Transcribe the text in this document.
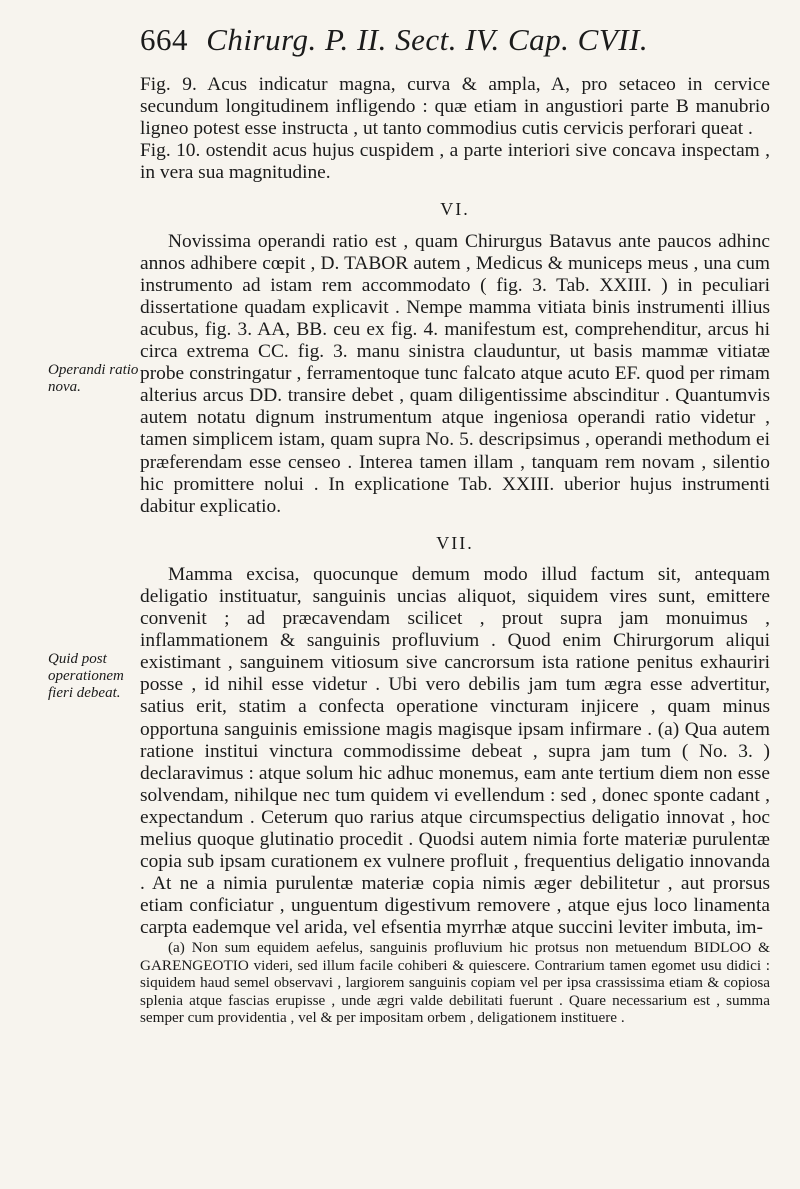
664 Chirurg. P. II. Sect. IV. Cap. CVII.
Operandi ratio nova.
Quid post operationem fieri debeat.

Fig. 9. Acus indicatur magna, curva & ampla, A, pro setaceo in cervice secundum longitudinem infligendo : quæ etiam in angustiori parte B manubrio ligneo potest esse instructa , ut tanto commodius cutis cervicis perforari queat .

Fig. 10. ostendit acus hujus cuspidem , a parte interiori sive concava inspectam , in vera sua magnitudine.

VI.

Novissima operandi ratio est , quam Chirurgus Batavus ante paucos adhinc annos adhibere cœpit , D. TABOR autem , Medicus & municeps meus , una cum instrumento ad istam rem accommodato ( fig. 3. Tab. XXIII. ) in peculiari dissertatione quadam explicavit . Nempe mamma vitiata binis instrumenti illius acubus, fig. 3. AA, BB. ceu ex fig. 4. manifestum est, comprehenditur, arcus hi circa extrema CC. fig. 3. manu sinistra clauduntur, ut basis mammæ vitiatæ probe constringatur , ferramentoque tunc falcato atque acuto EF. quod per rimam alterius arcus DD. transire debet , quam diligentissime abscinditur . Quantumvis autem notatu dignum instrumentum atque ingeniosa operandi ratio videtur , tamen simplicem istam, quam supra No. 5. descripsimus , operandi methodum ei præferendam esse censeo . Interea tamen illam , tanquam rem novam , silentio hic promittere nolui . In explicatione Tab. XXIII. uberior hujus instrumenti dabitur explicatio.

VII.

Mamma excisa, quocunque demum modo illud factum sit, antequam deligatio instituatur, sanguinis uncias aliquot, siquidem vires sunt, emittere convenit ; ad præcavendam scilicet , prout supra jam monuimus , inflammationem & sanguinis profluvium . Quod enim Chirurgorum aliqui existimant , sanguinem vitiosum sive cancrorsum ista ratione penitus exhauriri posse , id nihil esse videtur . Ubi vero debilis jam tum ægra esse advertitur, satius erit, statim a confecta operatione vincturam injicere , quam minus opportuna sanguinis emissione magis magisque ipsam infirmare . (a) Qua autem ratione institui vinctura commodissime debeat , supra jam tum ( No. 3. ) declaravimus : atque solum hic adhuc monemus, eam ante tertium diem non esse solvendam, nihilque nec tum quidem vi evellendum : sed , donec sponte cadant , expectandum . Ceterum quo rarius atque circumspectius deligatio innovat , hoc melius quoque glutinatio procedit . Quodsi autem nimia forte materiæ purulentæ copia sub ipsam curationem ex vulnere profluit , frequentius deligatio innovanda . At ne a nimia purulentæ materiæ copia nimis æger debilitetur , aut prorsus etiam conficiatur , unguentum digestivum removere , atque ejus loco linamenta carpta eademque vel arida, vel efsentia myrrhæ atque succini leviter imbuta, im-

(a) Non sum equidem aefelus, sanguinis profluvium hic protsus non metuendum BIDLOO & GARENGEOTIO videri, sed illum facile cohiberi & quiescere. Contrarium tamen egomet usu didici : siquidem haud semel observavi , largiorem sanguinis copiam vel per ipsa crassissima etiam & copiosa splenia atque fascias erupisse , unde ægri valde debilitati fuerunt . Quare necessarium est , summa semper cum providentia , vel & per impositam orbem , deligationem instituere .
